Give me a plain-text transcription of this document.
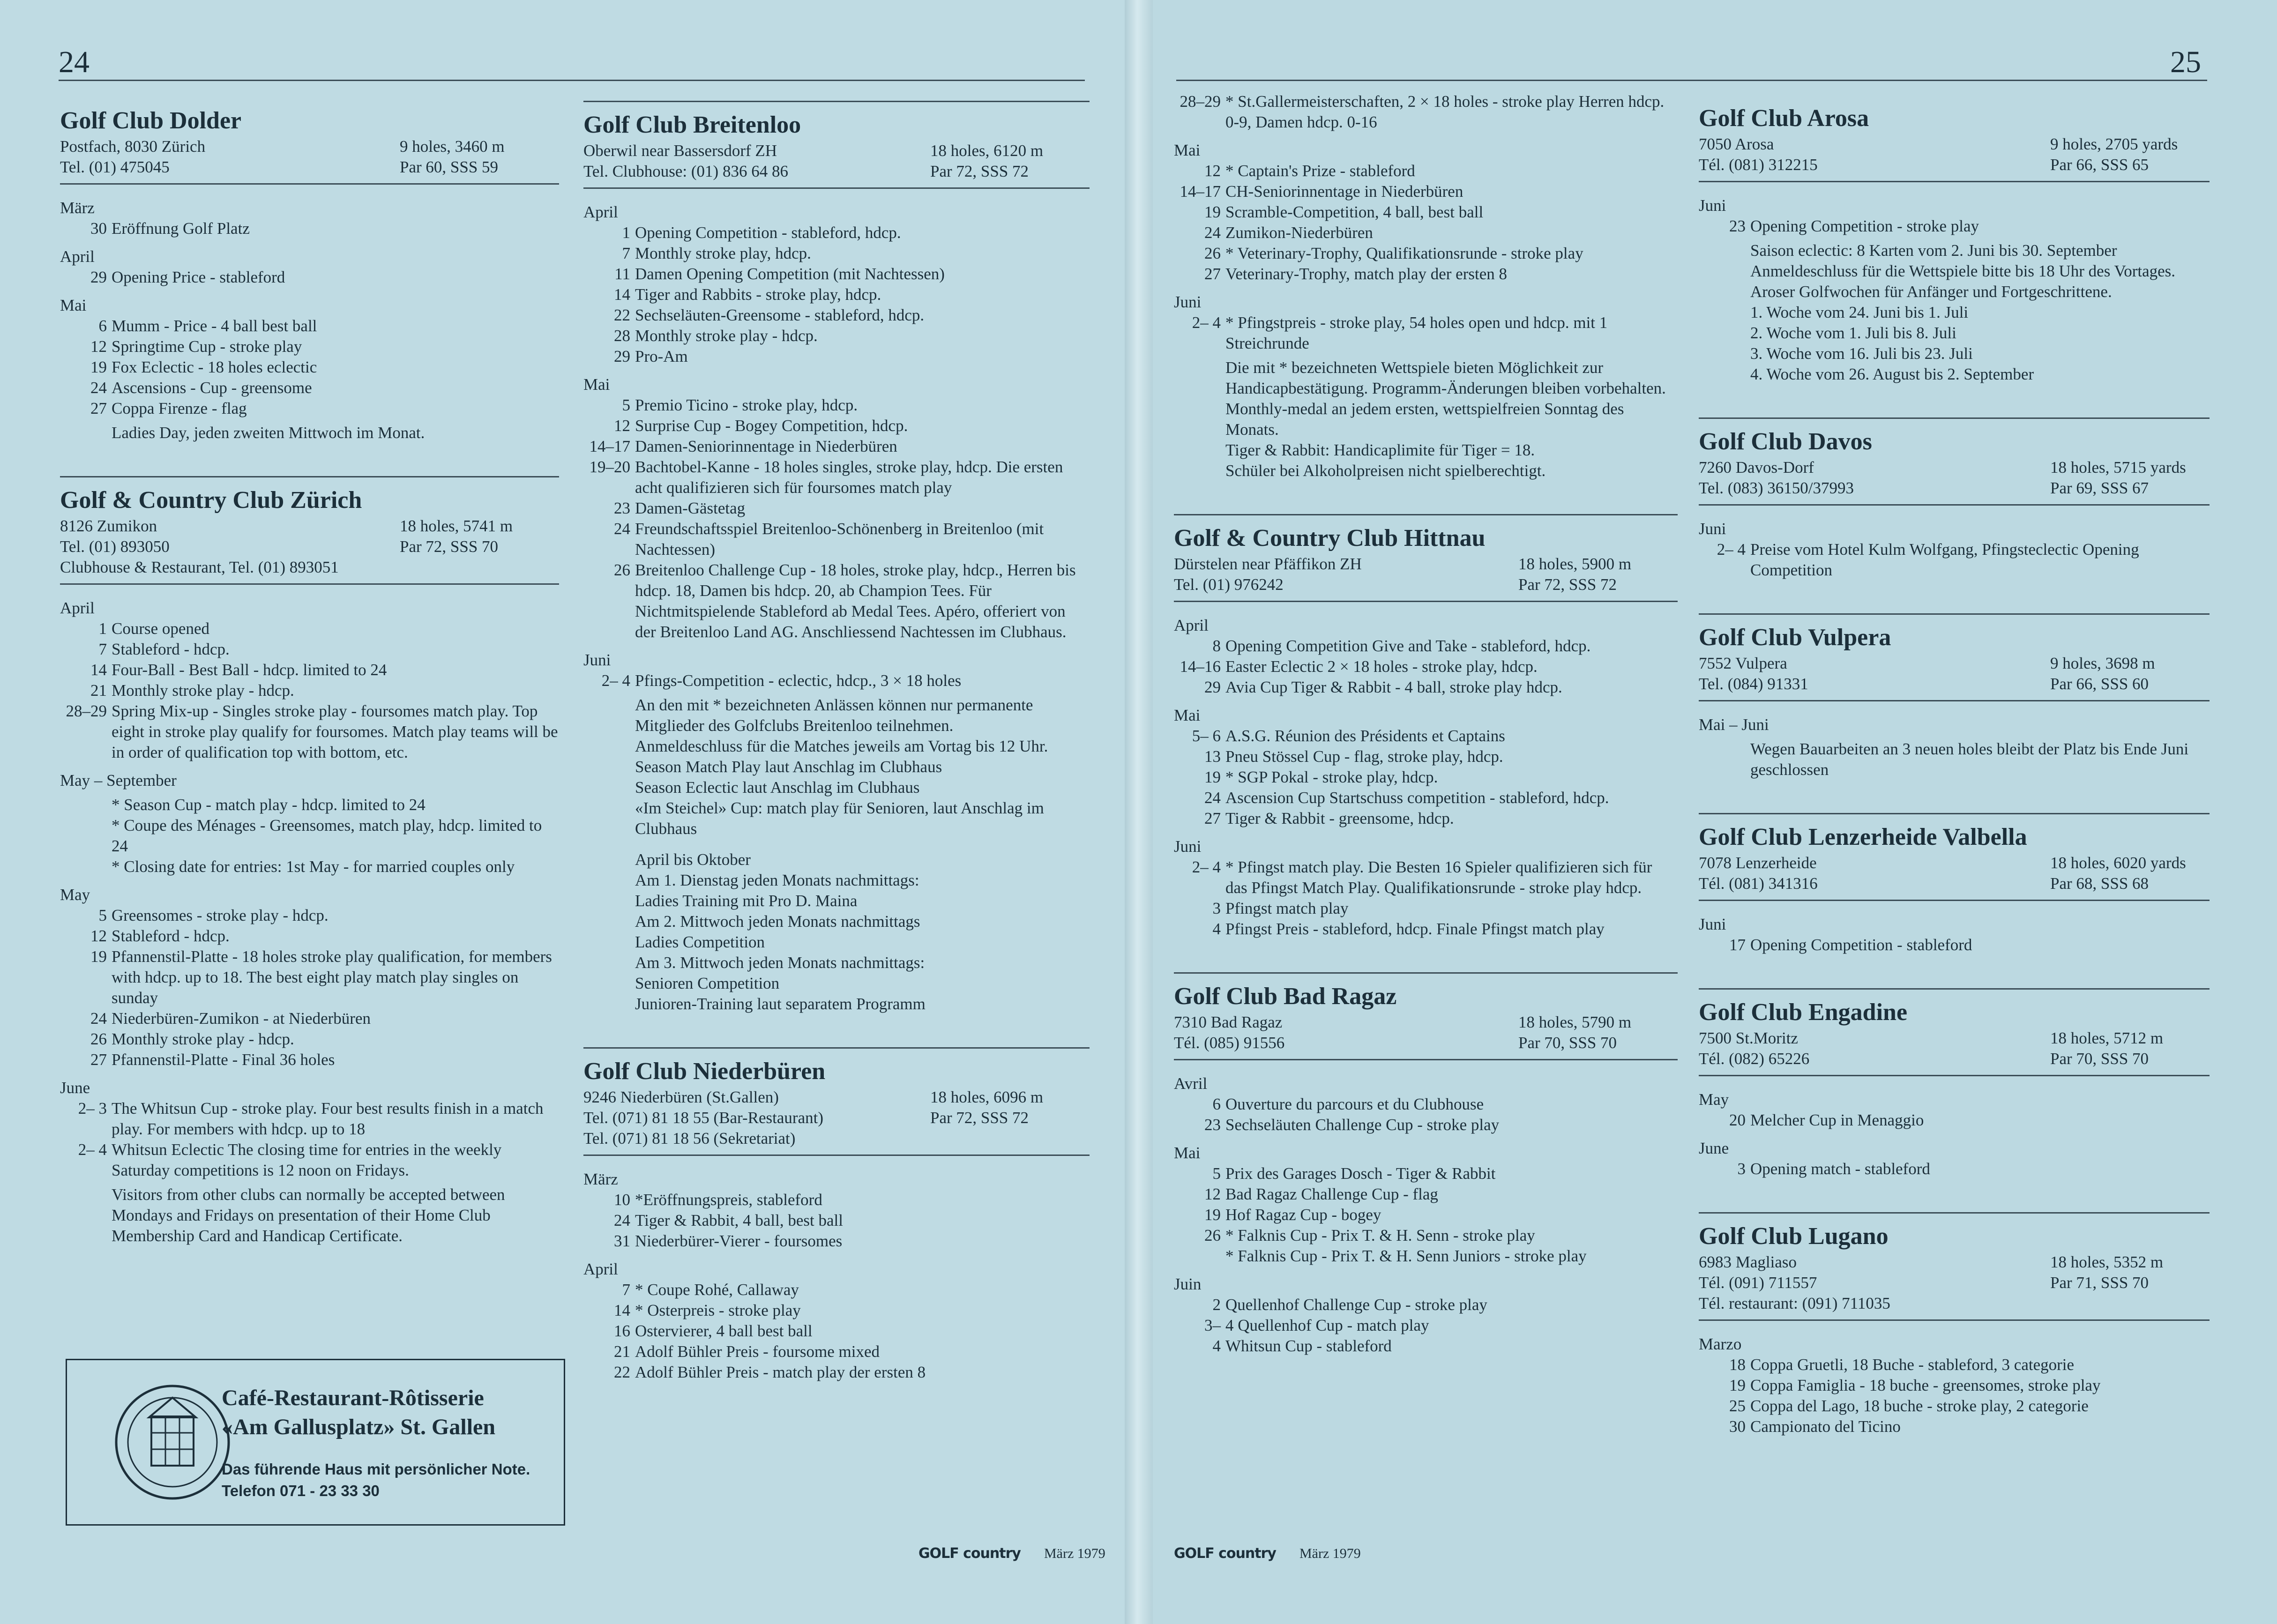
24	25
Golf Club Dolder
Postfach, 8030 Zürich
Tel. (01) 475045
9 holes, 3460 m
Par 60, SSS 59
März
30 Eröffnung Golf Platz
April
29 Opening Price - stableford
Mai
6 Mumm - Price - 4 ball best ball
12 Springtime Cup - stroke play
19 Fox Eclectic - 18 holes eclectic
24 Ascensions - Cup - greensome
27 Coppa Firenze - flag
Ladies Day, jeden zweiten Mittwoch im Monat.
Golf & Country Club Zürich
8126 Zumikon
Tel. (01) 893050
Clubhouse & Restaurant, Tel. (01) 893051
18 holes, 5741 m
Par 72, SSS 70
April
1 Course opened
7 Stableford - hdcp.
14 Four-Ball - Best Ball - hdcp. limited to 24
21 Monthly stroke play - hdcp.
28–29 Spring Mix-up - Singles stroke play - foursomes match play. Top eight in stroke play qualify for foursomes. Match play teams will be in order of qualification top with bottom, etc.
May – September
* Season Cup - match play - hdcp. limited to 24
* Coupe des Ménages - Greensomes, match play, hdcp. limited to 24
* Closing date for entries: 1st May - for married couples only
May
5 Greensomes - stroke play - hdcp.
12 Stableford - hdcp.
19 Pfannenstil-Platte - 18 holes stroke play qualification, for members with hdcp. up to 18. The best eight play match play singles on sunday
24 Niederbüren-Zumikon - at Niederbüren
26 Monthly stroke play - hdcp.
27 Pfannenstil-Platte - Final 36 holes
June
2– 3 The Whitsun Cup - stroke play. Four best results finish in a match play. For members with hdcp. up to 18
2– 4 Whitsun Eclectic The closing time for entries in the weekly Saturday competitions is 12 noon on Fridays.
Visitors from other clubs can normally be accepted between Mondays and Fridays on presentation of their Home Club Membership Card and Handicap Certificate.
Golf Club Breitenloo
Oberwil near Bassersdorf ZH
Tel. Clubhouse: (01) 836 64 86
18 holes, 6120 m
Par 72, SSS 72
April
1 Opening Competition - stableford, hdcp.
7 Monthly stroke play, hdcp.
11 Damen Opening Competition (mit Nachtessen)
14 Tiger and Rabbits - stroke play, hdcp.
22 Sechseläuten-Greensome - stableford, hdcp.
28 Monthly stroke play - hdcp.
29 Pro-Am
Mai
5 Premio Ticino - stroke play, hdcp.
12 Surprise Cup - Bogey Competition, hdcp.
14–17 Damen-Seniorinnentage in Niederbüren
19–20 Bachtobel-Kanne - 18 holes singles, stroke play, hdcp. Die ersten acht qualifizieren sich für foursomes match play
23 Damen-Gästetag
24 Freundschaftsspiel Breitenloo-Schönenberg in Breitenloo (mit Nachtessen)
26 Breitenloo Challenge Cup - 18 holes, stroke play, hdcp., Herren bis hdcp. 18, Damen bis hdcp. 20, ab Champion Tees. Für Nichtmitspielende Stableford ab Medal Tees. Apéro, offeriert von der Breitenloo Land AG. Anschliessend Nachtessen im Clubhaus.
Juni
2– 4 Pfings-Competition - eclectic, hdcp., 3 × 18 holes
An den mit * bezeichneten Anlässen können nur permanente Mitglieder des Golfclubs Breitenloo teilnehmen.
Anmeldeschluss für die Matches jeweils am Vortag bis 12 Uhr.
Season Match Play laut Anschlag im Clubhaus
Season Eclectic laut Anschlag im Clubhaus
«Im Steichel» Cup: match play für Senioren, laut Anschlag im Clubhaus
April bis Oktober
Am 1. Dienstag jeden Monats nachmittags:
Ladies Training mit Pro D. Maina
Am 2. Mittwoch jeden Monats nachmittags
Ladies Competition
Am 3. Mittwoch jeden Monats nachmittags:
Senioren Competition
Junioren-Training laut separatem Programm
Golf Club Niederbüren
9246 Niederbüren (St.Gallen)
Tel. (071) 81 18 55 (Bar-Restaurant)
Tel. (071) 81 18 56 (Sekretariat)
18 holes, 6096 m
Par 72, SSS 72
März
10 *Eröffnungspreis, stableford
24 Tiger & Rabbit, 4 ball, best ball
31 Niederbürer-Vierer - foursomes
April
7 * Coupe Rohé, Callaway
14 * Osterpreis - stroke play
16 Ostervierer, 4 ball best ball
21 Adolf Bühler Preis - foursome mixed
22 Adolf Bühler Preis - match play der ersten 8
28–29 * St.Gallermeisterschaften, 2 × 18 holes - stroke play Herren hdcp. 0-9, Damen hdcp. 0-16
Mai
12 * Captain's Prize - stableford
14–17 CH-Seniorinnentage in Niederbüren
19 Scramble-Competition, 4 ball, best ball
24 Zumikon-Niederbüren
26 * Veterinary-Trophy, Qualifikationsrunde - stroke play
27 Veterinary-Trophy, match play der ersten 8
Juni
2– 4 * Pfingstpreis - stroke play, 54 holes open und hdcp. mit 1 Streichrunde
Die mit * bezeichneten Wettspiele bieten Möglichkeit zur Handicapbestätigung. Programm-Änderungen bleiben vorbehalten.
Monthly-medal an jedem ersten, wettspielfreien Sonntag des Monats.
Tiger & Rabbit: Handicaplimite für Tiger = 18.
Schüler bei Alkoholpreisen nicht spielberechtigt.
Golf & Country Club Hittnau
Dürstelen near Pfäffikon ZH
Tel. (01) 976242
18 holes, 5900 m
Par 72, SSS 72
April
8 Opening Competition Give and Take - stableford, hdcp.
14–16 Easter Eclectic 2 × 18 holes - stroke play, hdcp.
29 Avia Cup Tiger & Rabbit - 4 ball, stroke play hdcp.
Mai
5– 6 A.S.G. Réunion des Présidents et Captains
13 Pneu Stössel Cup - flag, stroke play, hdcp.
19 * SGP Pokal - stroke play, hdcp.
24 Ascension Cup Startschuss competition - stableford, hdcp.
27 Tiger & Rabbit - greensome, hdcp.
Juni
2– 4 * Pfingst match play. Die Besten 16 Spieler qualifizieren sich für das Pfingst Match Play. Qualifikationsrunde - stroke play hdcp.
3 Pfingst match play
4 Pfingst Preis - stableford, hdcp. Finale Pfingst match play
Golf Club Bad Ragaz
7310 Bad Ragaz
Tél. (085) 91556
18 holes, 5790 m
Par 70, SSS 70
Avril
6 Ouverture du parcours et du Clubhouse
23 Sechseläuten Challenge Cup - stroke play
Mai
5 Prix des Garages Dosch - Tiger & Rabbit
12 Bad Ragaz Challenge Cup - flag
19 Hof Ragaz Cup - bogey
26 * Falknis Cup - Prix T. & H. Senn - stroke play
* Falknis Cup - Prix T. & H. Senn Juniors - stroke play
Juin
2 Quellenhof Challenge Cup - stroke play
3– 4 Quellenhof Cup - match play
4 Whitsun Cup - stableford
Golf Club Arosa
7050 Arosa
Tél. (081) 312215
9 holes, 2705 yards
Par 66, SSS 65
Juni
23 Opening Competition - stroke play
Saison eclectic: 8 Karten vom 2. Juni bis 30. September
Anmeldeschluss für die Wettspiele bitte bis 18 Uhr des Vortages.
Aroser Golfwochen für Anfänger und Fortgeschrittene.
1. Woche vom 24. Juni bis 1. Juli
2. Woche vom 1. Juli bis 8. Juli
3. Woche vom 16. Juli bis 23. Juli
4. Woche vom 26. August bis 2. September
Golf Club Davos
7260 Davos-Dorf
Tel. (083) 36150/37993
18 holes, 5715 yards
Par 69, SSS 67
Juni
2– 4 Preise vom Hotel Kulm Wolfgang, Pfingsteclectic Opening Competition
Golf Club Vulpera
7552 Vulpera
Tel. (084) 91331
9 holes, 3698 m
Par 66, SSS 60
Mai – Juni
Wegen Bauarbeiten an 3 neuen holes bleibt der Platz bis Ende Juni geschlossen
Golf Club Lenzerheide Valbella
7078 Lenzerheide
Tél. (081) 341316
18 holes, 6020 yards
Par 68, SSS 68
Juni
17 Opening Competition - stableford
Golf Club Engadine
7500 St.Moritz
Tél. (082) 65226
18 holes, 5712 m
Par 70, SSS 70
May
20 Melcher Cup in Menaggio
June
3 Opening match - stableford
Golf Club Lugano
6983 Magliaso
Tél. (091) 711557
Tél. restaurant: (091) 711035
18 holes, 5352 m
Par 71, SSS 70
Marzo
18 Coppa Gruetli, 18 Buche - stableford, 3 categorie
19 Coppa Famiglia - 18 buche - greensomes, stroke play
25 Coppa del Lago, 18 buche - stroke play, 2 categorie
30 Campionato del Ticino
Café-Restaurant-Rôtisserie
«Am Gallusplatz» St. Gallen
Das führende Haus mit persönlicher Note.
Telefon 071 - 23 33 30
GOLF country März 1979	GOLF country März 1979
